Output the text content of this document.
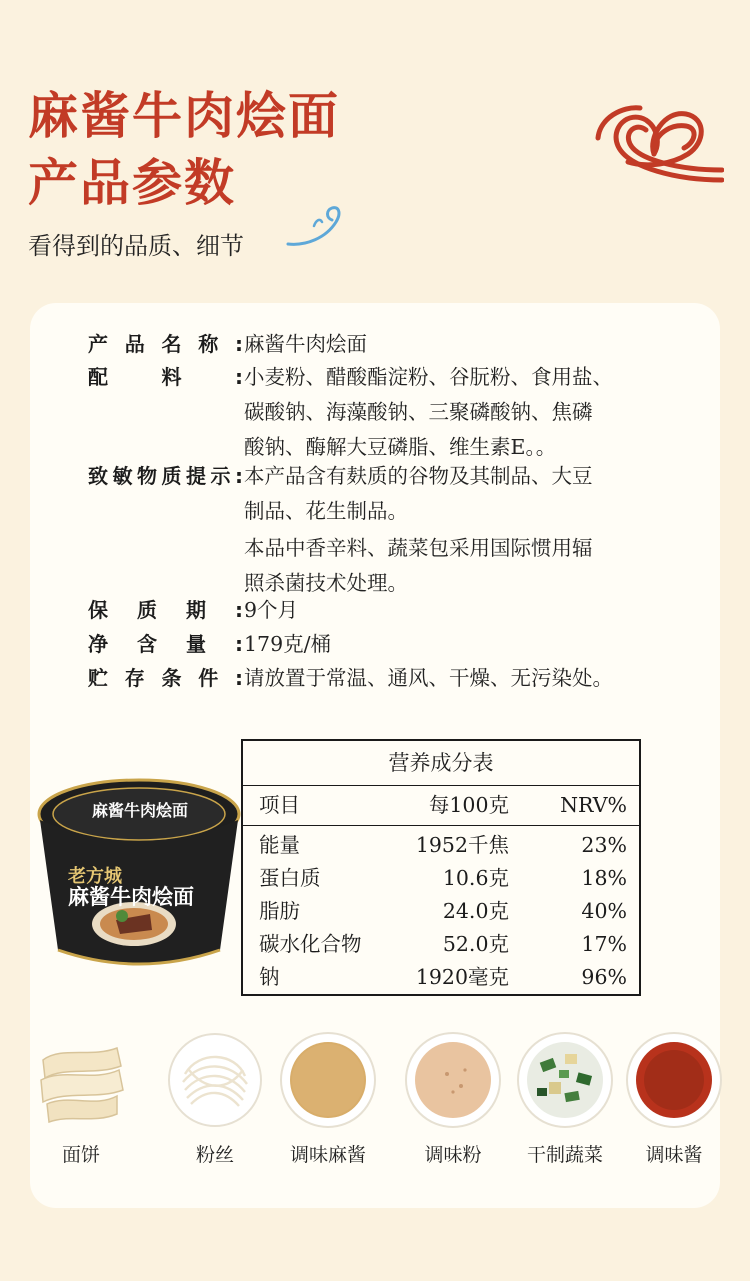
麻酱牛肉烩面
产品参数
看得到的品质、细节
产 品 名 称 : 麻酱牛肉烩面
配	料	: 小麦粉、醋酸酯淀粉、谷朊粉、食用盐、
碳酸钠、海藻酸钠、三聚磷酸钠、焦磷
酸钠、酶解大豆磷脂、维生素E。。
致 敏 物 质 提 示 : 本产品含有麸质的谷物及其制品、大豆
制品、花生制品。
本品中香辛料、蔬菜包采用国际惯用辐
照杀菌技术处理。
保 质 期 : 9个月
净 含 量 : 179克/桶
贮 存 条 件 : 请放置于常温、通风、干燥、无污染处。
老方城
麻酱牛肉烩面
麻酱牛肉烩面
营养成分表
项目	每100克 NRV%
能量	1952千焦	23%
蛋白质	10.6克	18%
脂肪	24.0克	40%
碳水化合物	52.0克	17%
钠	1920毫克	96%
面饼	粉丝	调味麻酱	调味粉	干制蔬菜	调味酱
